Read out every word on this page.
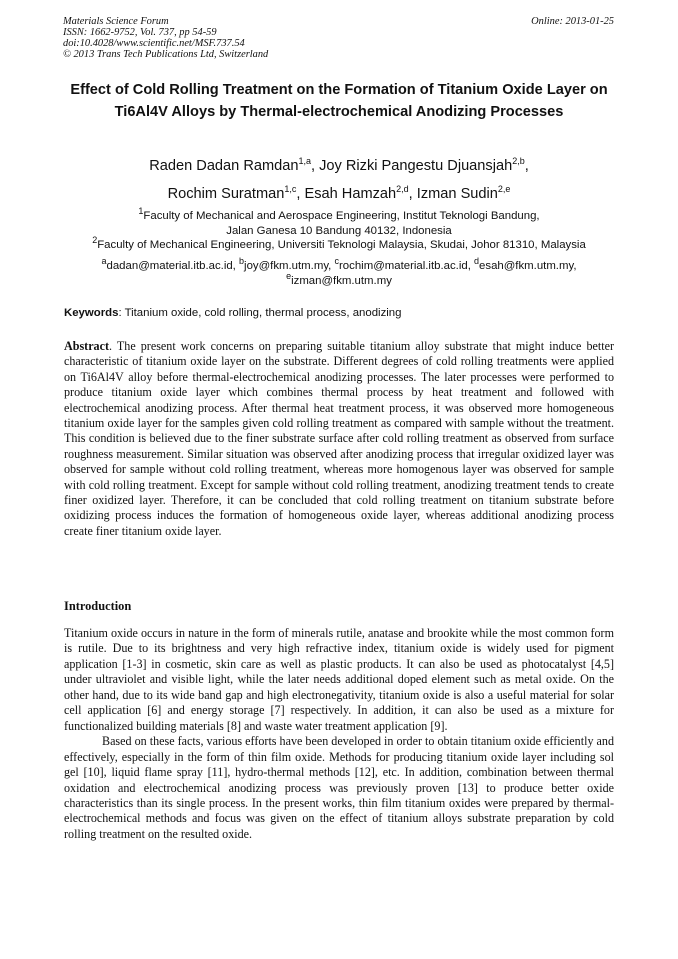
Materials Science Forum
ISSN: 1662-9752, Vol. 737, pp 54-59
doi:10.4028/www.scientific.net/MSF.737.54
© 2013 Trans Tech Publications Ltd, Switzerland
Online: 2013-01-25
Effect of Cold Rolling Treatment on the Formation of Titanium Oxide Layer on Ti6Al4V Alloys by Thermal-electrochemical Anodizing Processes
Raden Dadan Ramdan$^{1,a}$, Joy Rizki Pangestu Djuansjah$^{2,b}$,
Rochim Suratman$^{1,c}$, Esah Hamzah$^{2,d}$, Izman Sudin$^{2,e}$
$^1$Faculty of Mechanical and Aerospace Engineering, Institut Teknologi Bandung,
Jalan Ganesa 10 Bandung 40132, Indonesia
$^2$Faculty of Mechanical Engineering, Universiti Teknologi Malaysia, Skudai, Johor 81310, Malaysia
$^a$dadan@material.itb.ac.id, $^b$joy@fkm.utm.my, $^c$rochim@material.itb.ac.id, $^d$esah@fkm.utm.my,
$^e$izman@fkm.utm.my
Keywords: Titanium oxide, cold rolling, thermal process, anodizing
Abstract. The present work concerns on preparing suitable titanium alloy substrate that might induce better characteristic of titanium oxide layer on the substrate. Different degrees of cold rolling treatments were applied on Ti6Al4V alloy before thermal-electrochemical anodizing processes. The later processes were performed to produce titanium oxide layer which combines thermal process by heat treatment and followed with electrochemical anodizing process. After thermal heat treatment process, it was observed more homogeneous titanium oxide layer for the samples given cold rolling treatment as compared with sample without the treatment. This condition is believed due to the finer substrate surface after cold rolling treatment as observed from surface roughness measurement. Similar situation was observed after anodizing process that irregular oxidized layer was observed for sample without cold rolling treatment, whereas more homogenous layer was observed for sample with cold rolling treatment. Except for sample without cold rolling treatment, anodizing treatment tends to create finer oxidized layer. Therefore, it can be concluded that cold rolling treatment on titanium substrate before oxidizing process induces the formation of homogeneous oxide layer, whereas additional anodizing process create finer titanium oxide layer.
Introduction

Titanium oxide occurs in nature in the form of minerals rutile, anatase and brookite while the most common form is rutile. Due to its brightness and very high refractive index, titanium oxide is widely used for pigment application [1-3] in cosmetic, skin care as well as plastic products. It can also be used as photocatalyst [4,5] under ultraviolet and visible light, while the later needs additional doped element such as metal oxide. On the other hand, due to its wide band gap and high electronegativity, titanium oxide is also a useful material for solar cell application [6] and energy storage [7] respectively. In addition, it can also be used as a mixture for functionalized building materials [8] and waste water treatment application [9].

Based on these facts, various efforts have been developed in order to obtain titanium oxide efficiently and effectively, especially in the form of thin film oxide. Methods for producing titanium oxide layer including sol gel [10], liquid flame spray [11], hydro-thermal methods [12], etc. In addition, combination between thermal oxidation and electrochemical anodizing process was previously proven [13] to produce better oxide characteristics than its single process. In the present works, thin film titanium oxides were prepared by thermal-electrochemical methods and focus was given on the effect of titanium alloys substrate preparation by cold rolling treatment on the resulted oxide.
